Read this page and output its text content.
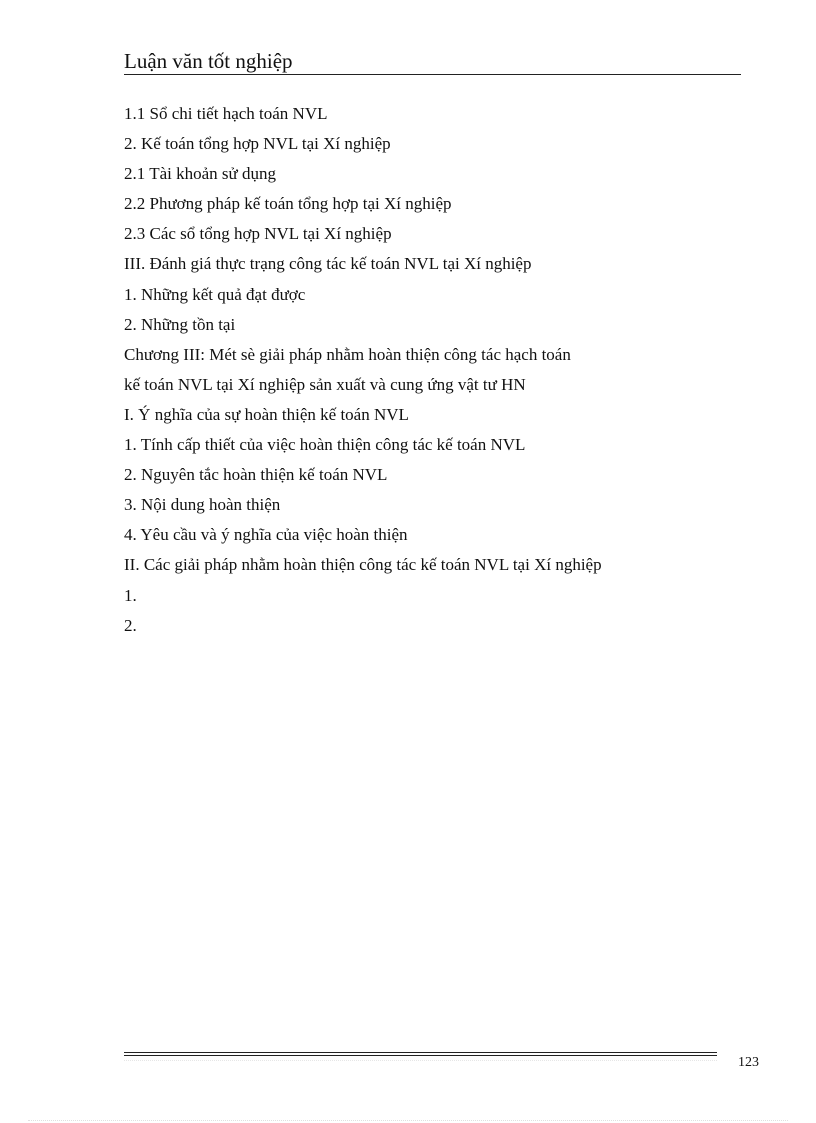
Luận văn tốt nghiệp
1.1 Sổ chi tiết hạch toán NVL
2. Kế toán tổng hợp NVL tại Xí nghiệp
2.1 Tài khoản sử dụng
2.2 Phương pháp kế toán tổng hợp tại Xí nghiệp
2.3 Các sổ tổng hợp NVL tại Xí nghiệp
III. Đánh giá thực trạng công tác kế toán NVL tại Xí nghiệp
1. Những kết quả đạt được
2. Những tồn tại
Chương III: Mét sè giải pháp nhằm hoàn thiện công tác hạch toán
kế toán NVL tại Xí nghiệp sản xuất và cung ứng vật tư HN
I. Ý nghĩa của sự hoàn thiện kế toán NVL
1. Tính cấp thiết của việc hoàn thiện công tác kế toán NVL
2. Nguyên tắc hoàn thiện kế toán NVL
3. Nội dung hoàn thiện
4. Yêu cầu và ý nghĩa của việc hoàn thiện
II. Các giải pháp nhằm hoàn thiện công tác kế toán NVL tại Xí nghiệp
1.
2.
123
